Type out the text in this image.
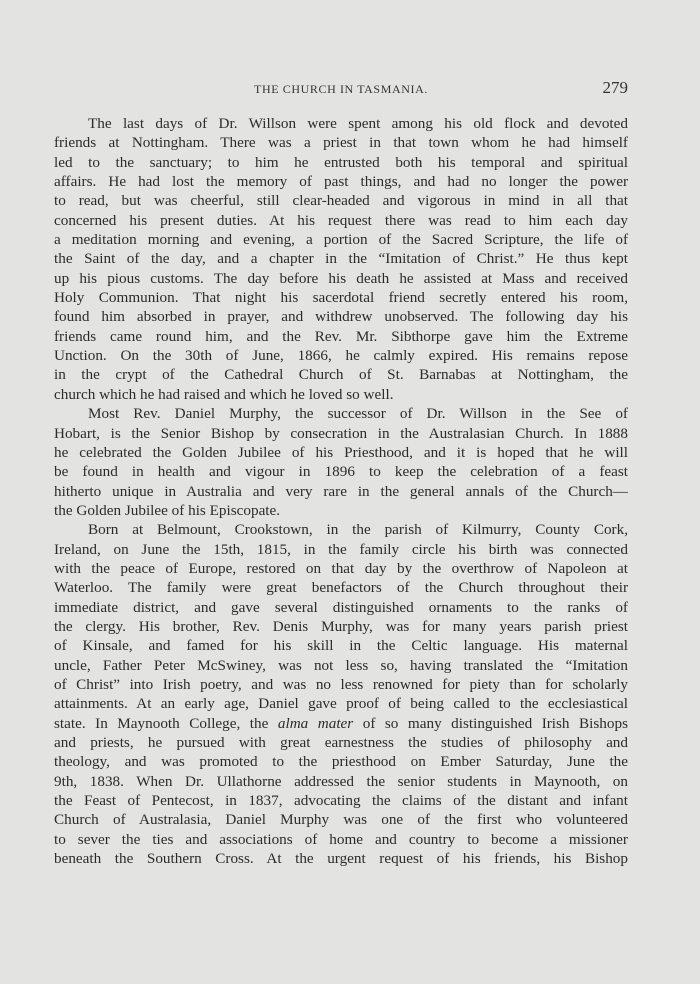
THE CHURCH IN TASMANIA.	279
The last days of Dr. Willson were spent among his old flock and devoted
friends at Nottingham. There was a priest in that town whom he had himself
led to the sanctuary; to him he entrusted both his temporal and spiritual
affairs. He had lost the memory of past things, and had no longer the power
to read, but was cheerful, still clear-headed and vigorous in mind in all that
concerned his present duties. At his request there was read to him each day
a meditation morning and evening, a portion of the Sacred Scripture, the life of
the Saint of the day, and a chapter in the “Imitation of Christ.” He thus kept
up his pious customs. The day before his death he assisted at Mass and received
Holy Communion. That night his sacerdotal friend secretly entered his room,
found him absorbed in prayer, and withdrew unobserved. The following day his
friends came round him, and the Rev. Mr. Sibthorpe gave him the Extreme
Unction. On the 30th of June, 1866, he calmly expired. His remains repose
in the crypt of the Cathedral Church of St. Barnabas at Nottingham, the
church which he had raised and which he loved so well.
Most Rev. Daniel Murphy, the successor of Dr. Willson in the See of
Hobart, is the Senior Bishop by consecration in the Australasian Church. In 1888
he celebrated the Golden Jubilee of his Priesthood, and it is hoped that he will
be found in health and vigour in 1896 to keep the celebration of a feast
hitherto unique in Australia and very rare in the general annals of the Church—
the Golden Jubilee of his Episcopate.
Born at Belmount, Crookstown, in the parish of Kilmurry, County Cork,
Ireland, on June the 15th, 1815, in the family circle his birth was connected
with the peace of Europe, restored on that day by the overthrow of Napoleon at
Waterloo. The family were great benefactors of the Church throughout their
immediate district, and gave several distinguished ornaments to the ranks of
the clergy. His brother, Rev. Denis Murphy, was for many years parish priest
of Kinsale, and famed for his skill in the Celtic language. His maternal
uncle, Father Peter McSwiney, was not less so, having translated the “Imitation
of Christ” into Irish poetry, and was no less renowned for piety than for scholarly
attainments. At an early age, Daniel gave proof of being called to the ecclesiastical
state. In Maynooth College, the alma mater of so many distinguished Irish Bishops
and priests, he pursued with great earnestness the studies of philosophy and
theology, and was promoted to the priesthood on Ember Saturday, June the
9th, 1838. When Dr. Ullathorne addressed the senior students in Maynooth, on
the Feast of Pentecost, in 1837, advocating the claims of the distant and infant
Church of Australasia, Daniel Murphy was one of the first who volunteered
to sever the ties and associations of home and country to become a missioner
beneath the Southern Cross. At the urgent request of his friends, his Bishop
